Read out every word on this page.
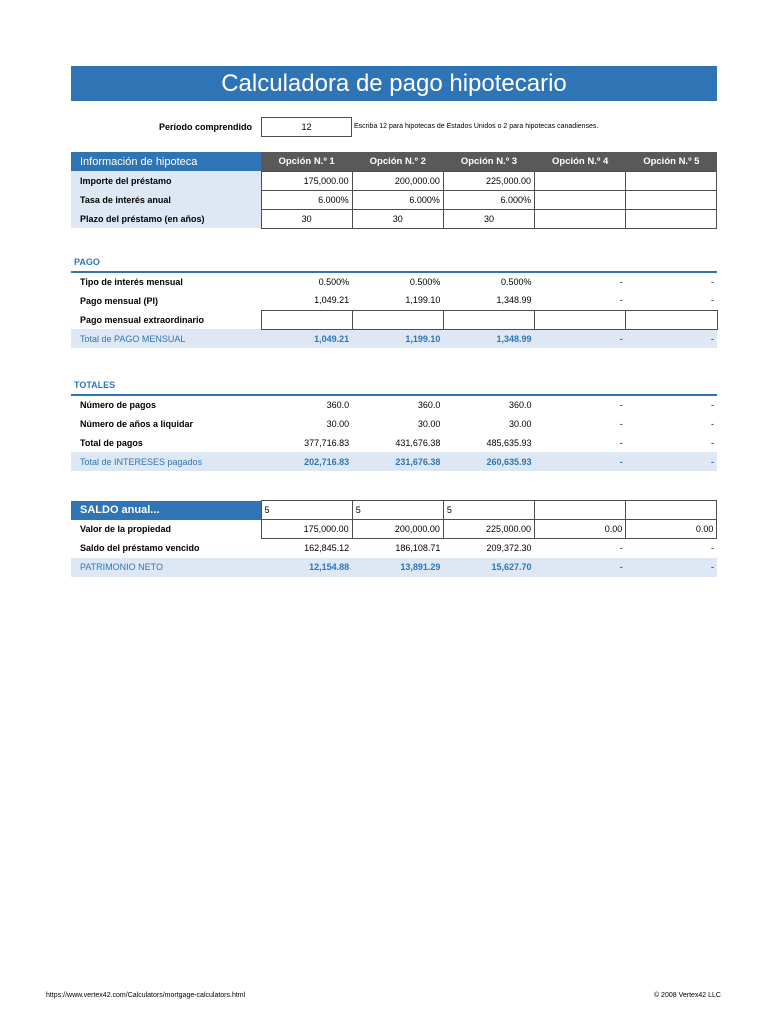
Calculadora de pago hipotecario
Período comprendido	12	Escriba 12 para hipotecas de Estados Unidos o 2 para hipotecas canadienses.
Información de hipoteca	Opción N.º 1	Opción N.º 2	Opción N.º 3	Opción N.º 4	Opción N.º 5
Importe del préstamo	175,000.00	200,000.00	225,000.00		
Tasa de interés anual	6.000%	6.000%	6.000%		
Plazo del préstamo (en años)	30	30	30		
PAGO					
Tipo de interés mensual	0.500%	0.500%	0.500%	-	-
Pago mensual (PI)	1,049.21	1,199.10	1,348.99	-	-
Pago mensual extraordinario					
Total de PAGO MENSUAL	1,049.21	1,199.10	1,348.99	-	-
TOTALES					
Número de pagos	360.0	360.0	360.0	-	-
Número de años a liquidar	30.00	30.00	30.00	-	-
Total de pagos	377,716.83	431,676.38	485,635.93	-	-
Total de INTERESES pagados	202,716.83	231,676.38	260,635.93	-	-
SALDO anual...	5	5	5		
Valor de la propiedad	175,000.00	200,000.00	225,000.00	0.00	0.00
Saldo del préstamo vencido	162,845.12	186,108.71	209,372.30	-	-
PATRIMONIO NETO	12,154.88	13,891.29	15,627.70	-	-
https://www.vertex42.com/Calculators/mortgage-calculators.html	© 2008 Vertex42 LLC
